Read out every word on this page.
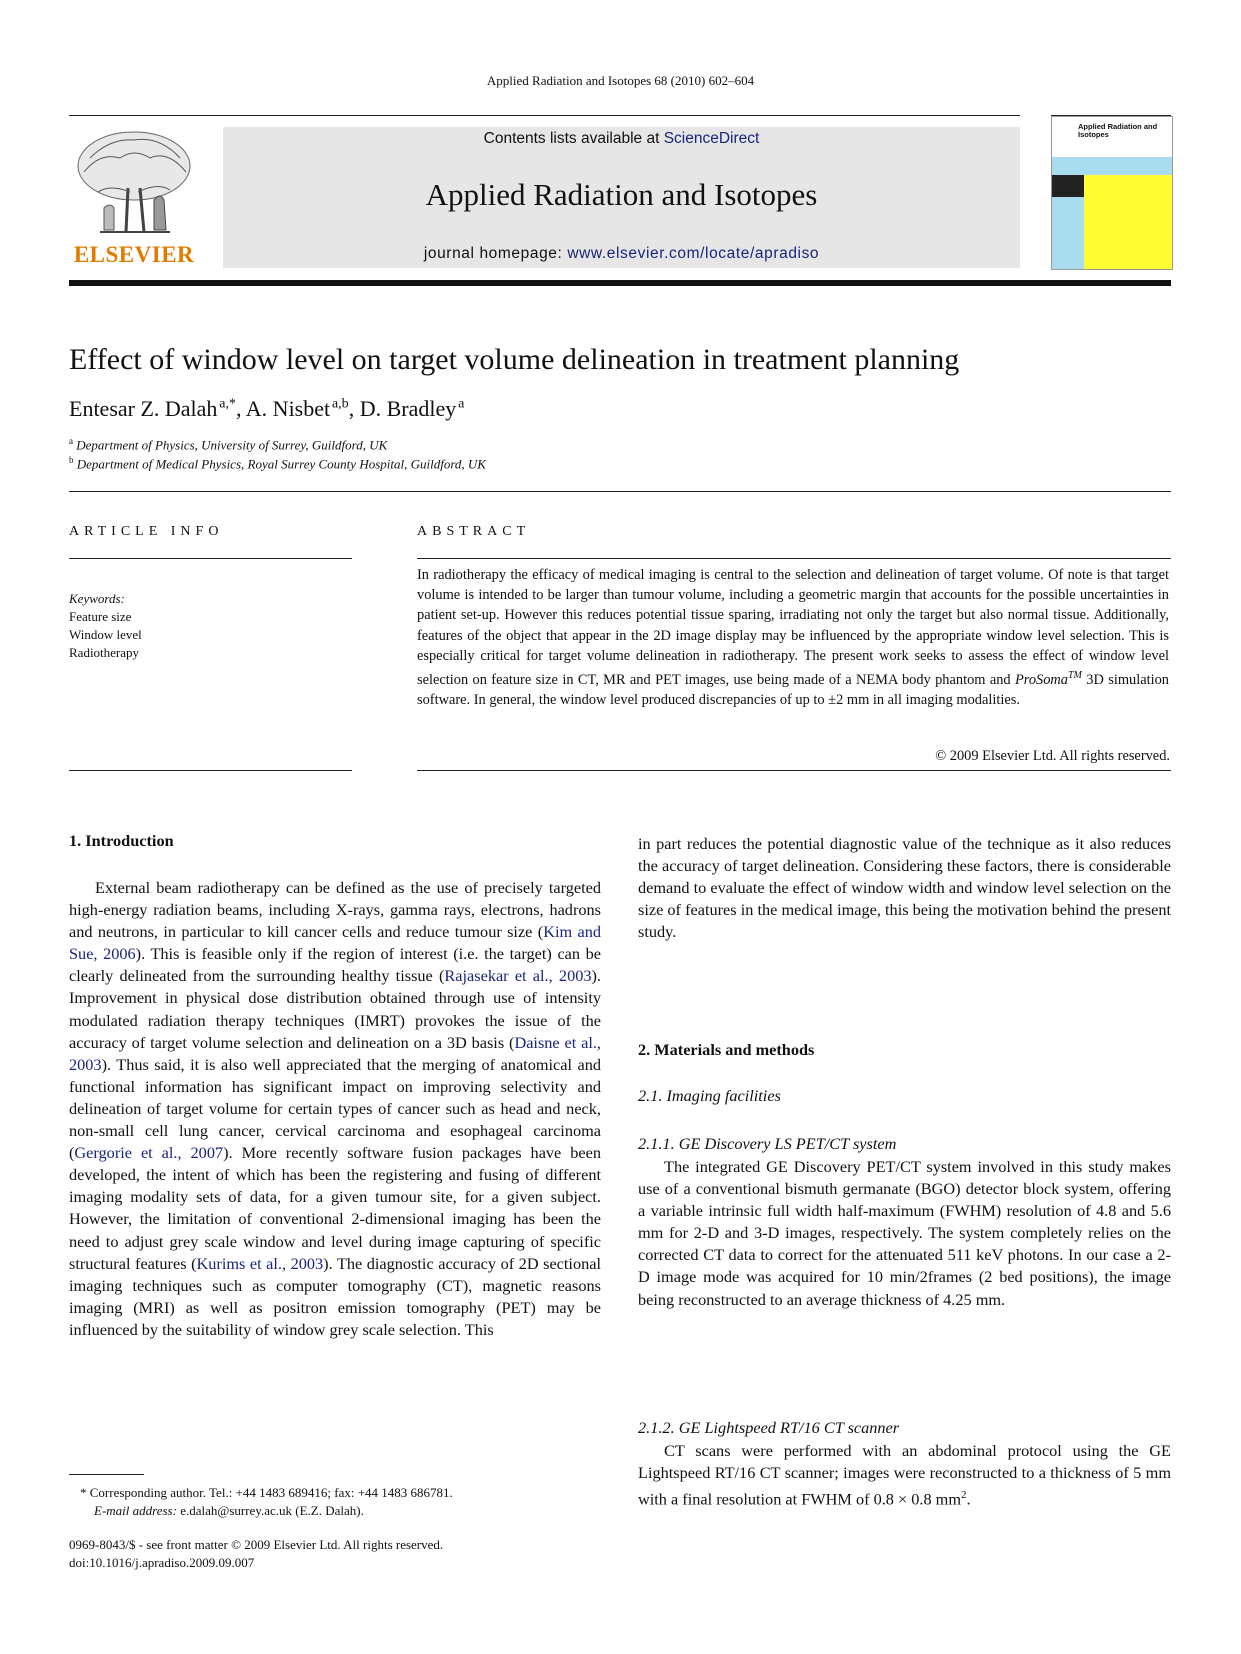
Applied Radiation and Isotopes 68 (2010) 602–604
ELSEVIER
Contents lists available at ScienceDirect
Applied Radiation and Isotopes
journal homepage: www.elsevier.com/locate/apradiso
Applied Radiation and Isotopes
Effect of window level on target volume delineation in treatment planning
Entesar Z. Dalah  $^{a,*}$, A. Nisbet  $^{a,b}$, D. Bradley  $^a$
$^a$ Department of Physics, University of Surrey, Guildford, UK
$^b$ Department of Medical Physics, Royal Surrey County Hospital, Guildford, UK
ARTICLE INFO
Keywords:
Feature size
Window level
Radiotherapy
ABSTRACT
In radiotherapy the efficacy of medical imaging is central to the selection and delineation of target volume. Of note is that target volume is intended to be larger than tumour volume, including a geometric margin that accounts for the possible uncertainties in patient set-up. However this reduces potential tissue sparing, irradiating not only the target but also normal tissue. Additionally, features of the object that appear in the 2D image display may be influenced by the appropriate window level selection. This is especially critical for target volume delineation in radiotherapy. The present work seeks to assess the effect of window level selection on feature size in CT, MR and PET images, use being made of a NEMA body phantom and ProSoma™ 3D simulation software. In general, the window level produced discrepancies of up to ±2 mm in all imaging modalities.
© 2009 Elsevier Ltd. All rights reserved.
1. Introduction

External beam radiotherapy can be defined as the use of precisely targeted high-energy radiation beams, including X-rays, gamma rays, electrons, hadrons and neutrons, in particular to kill cancer cells and reduce tumour size (Kim and Sue, 2006). This is feasible only if the region of interest (i.e. the target) can be clearly delineated from the surrounding healthy tissue (Rajasekar et al., 2003). Improvement in physical dose distribution obtained through use of intensity modulated radiation therapy techniques (IMRT) provokes the issue of the accuracy of target volume selection and delineation on a 3D basis (Daisne et al., 2003). Thus said, it is also well appreciated that the merging of anatomical and functional information has significant impact on improving selectivity and delineation of target volume for certain types of cancer such as head and neck, non-small cell lung cancer, cervical carcinoma and esophageal carcinoma (Gergorie et al., 2007). More recently software fusion packages have been developed, the intent of which has been the registering and fusing of different imaging modality sets of data, for a given tumour site, for a given subject. However, the limitation of conventional 2-dimensional imaging has been the need to adjust grey scale window and level during image capturing of specific structural features (Kurims et al., 2003). The diagnostic accuracy of 2D sectional imaging techniques such as computer tomography (CT), magnetic reasons imaging (MRI) as well as positron emission tomography (PET) may be influenced by the suitability of window grey scale selection. This

* Corresponding author. Tel.: +44 1483 689416; fax: +44 1483 686781.
E-mail address: e.dalah@surrey.ac.uk (E.Z. Dalah).
0969-8043/$ - see front matter © 2009 Elsevier Ltd. All rights reserved.
doi:10.1016/j.apradiso.2009.09.007

in part reduces the potential diagnostic value of the technique as it also reduces the accuracy of target delineation. Considering these factors, there is considerable demand to evaluate the effect of window width and window level selection on the size of features in the medical image, this being the motivation behind the present study.

2. Materials and methods
2.1. Imaging facilities
2.1.1. GE Discovery LS PET/CT system

The integrated GE Discovery PET/CT system involved in this study makes use of a conventional bismuth germanate (BGO) detector block system, offering a variable intrinsic full width half-maximum (FWHM) resolution of 4.8 and 5.6 mm for 2-D and 3-D images, respectively. The system completely relies on the corrected CT data to correct for the attenuated 511 keV photons. In our case a 2-D image mode was acquired for 10 min/2frames (2 bed positions), the image being reconstructed to an average thickness of 4.25 mm.

2.1.2. GE Lightspeed RT/16 CT scanner

CT scans were performed with an abdominal protocol using the GE Lightspeed RT/16 CT scanner; images were reconstructed to a thickness of 5 mm with a final resolution at FWHM of 0.8 × 0.8 $mm^2$.
